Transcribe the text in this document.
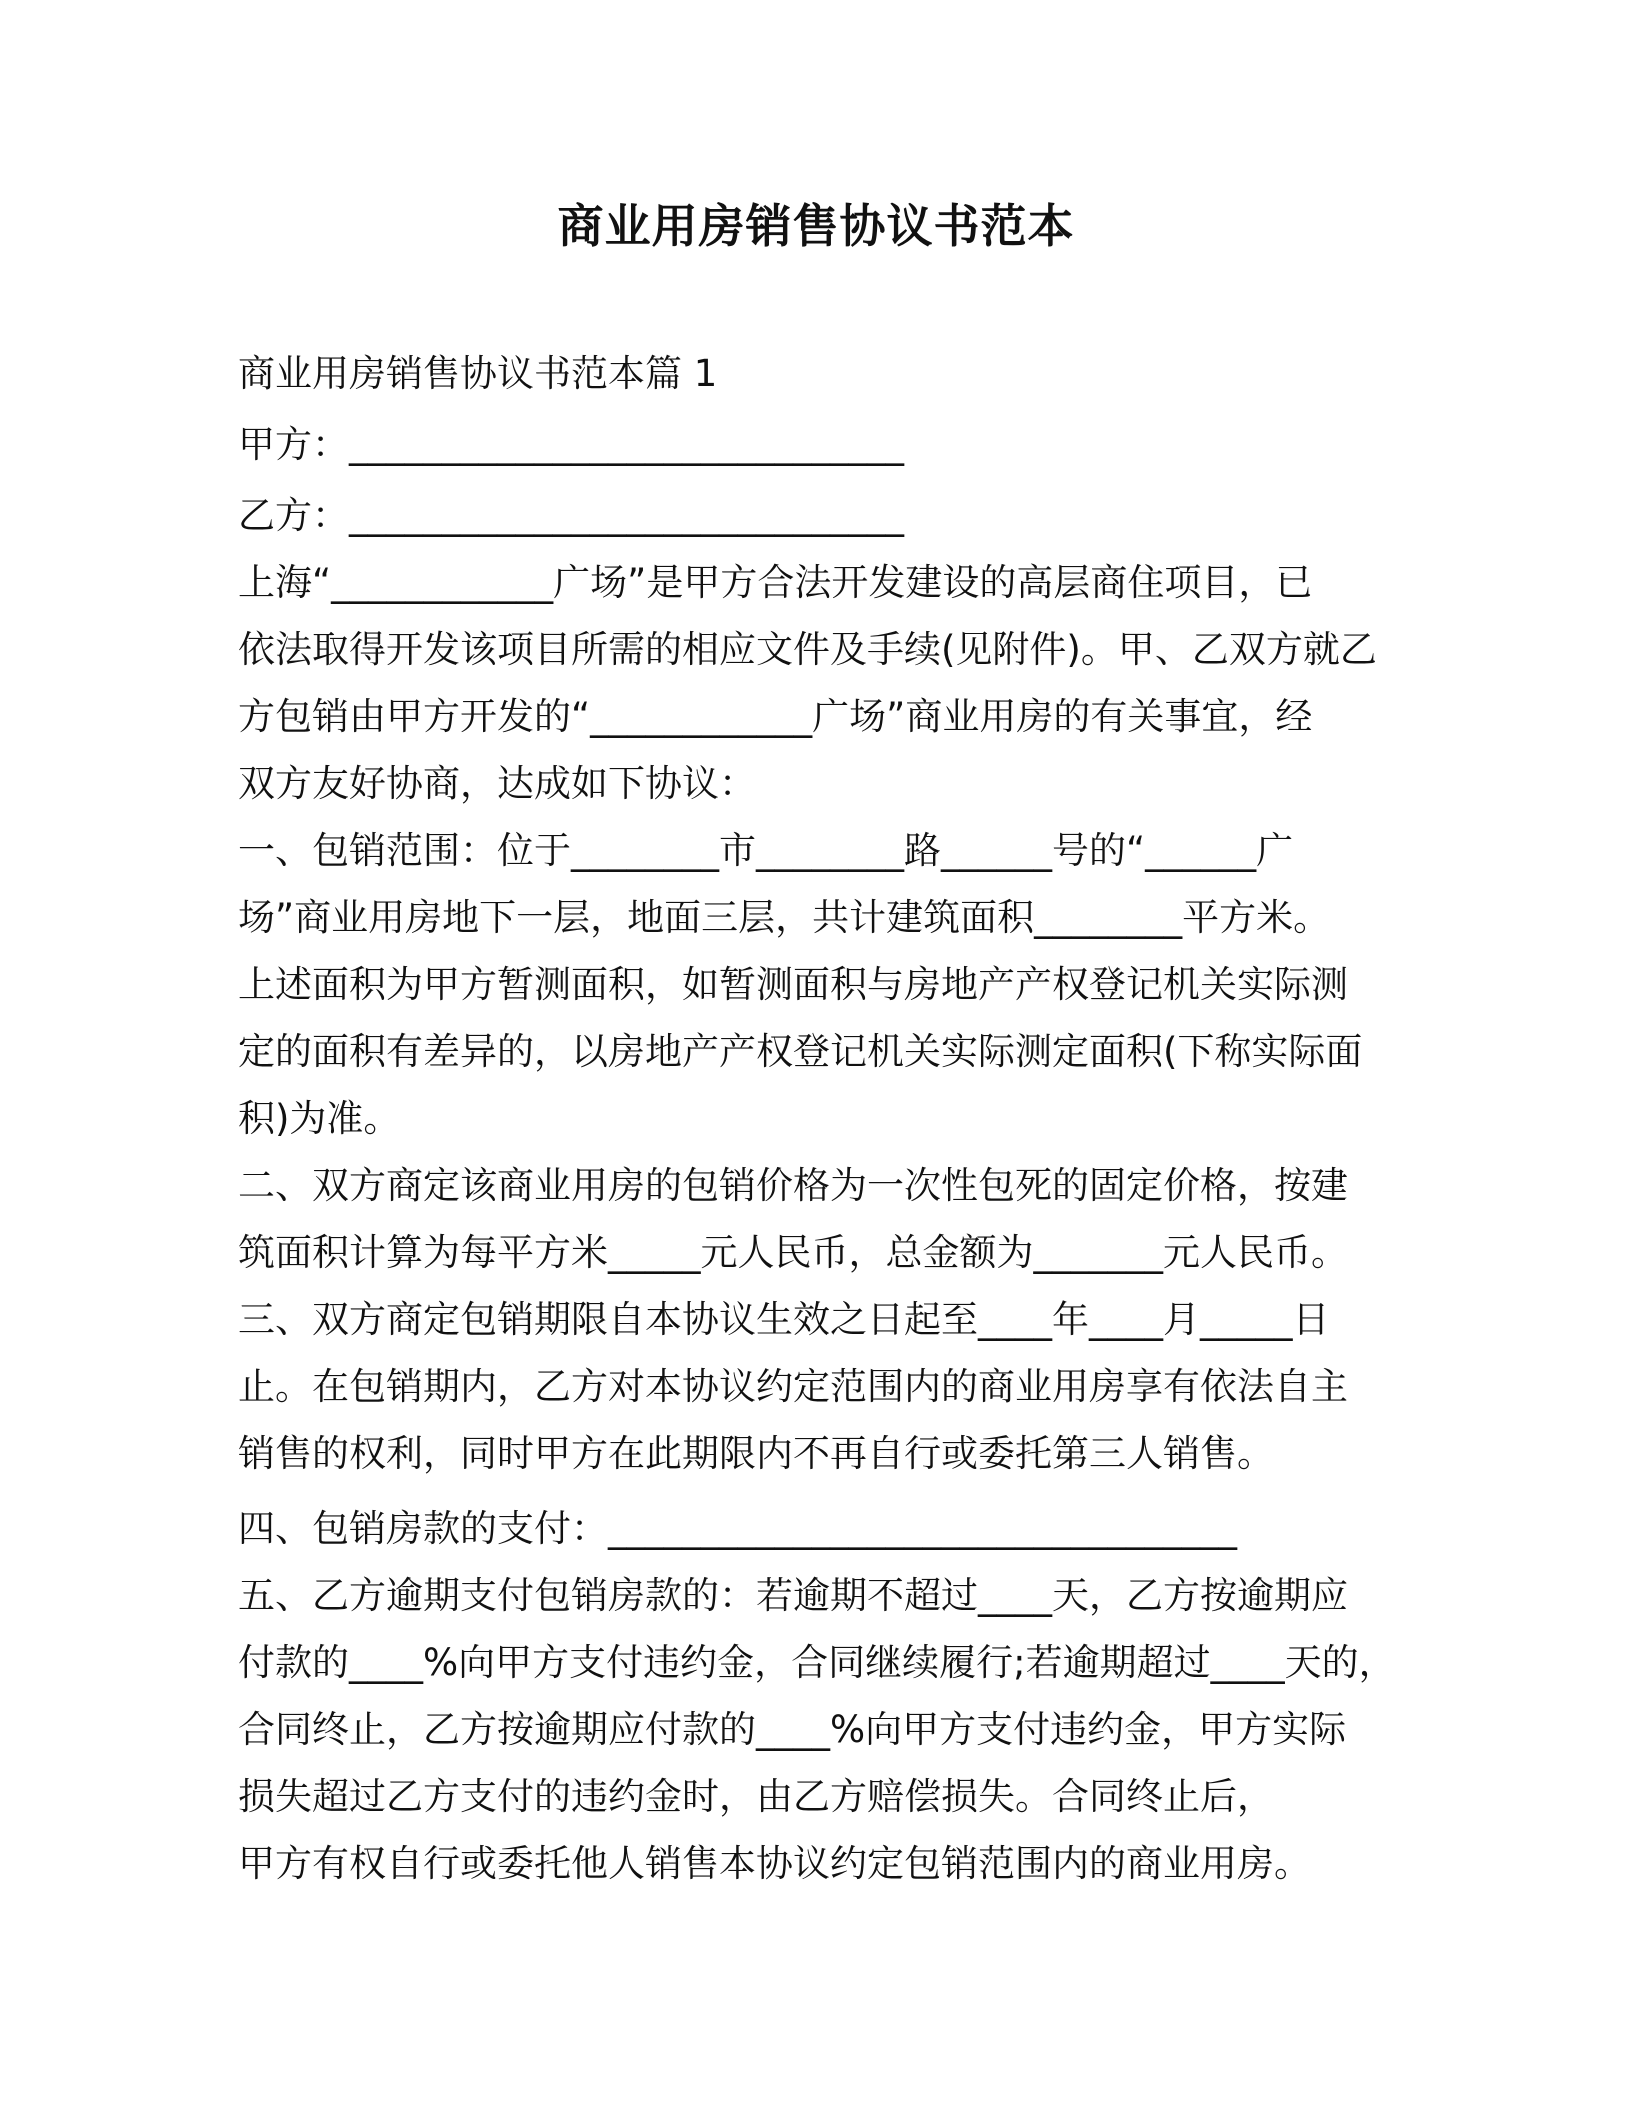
商业用房销售协议书范本
商业用房销售协议书范本篇 1
甲方：______________________________
乙方：______________________________
上海“____________广场”是甲方合法开发建设的高层商住项目，已
依法取得开发该项目所需的相应文件及手续(见附件)。甲、乙双方就乙
方包销由甲方开发的“____________广场”商业用房的有关事宜，经
双方友好协商，达成如下协议：
一、包销范围：位于________市________路______号的“______广
场”商业用房地下一层，地面三层，共计建筑面积________平方米。
上述面积为甲方暂测面积，如暂测面积与房地产产权登记机关实际测
定的面积有差异的，以房地产产权登记机关实际测定面积(下称实际面
积)为准。
二、双方商定该商业用房的包销价格为一次性包死的固定价格，按建
筑面积计算为每平方米_____元人民币，总金额为_______元人民币。
三、双方商定包销期限自本协议生效之日起至____年____月_____日
止。在包销期内，乙方对本协议约定范围内的商业用房享有依法自主
销售的权利，同时甲方在此期限内不再自行或委托第三人销售。
四、包销房款的支付：__________________________________
五、乙方逾期支付包销房款的：若逾期不超过____天，乙方按逾期应
付款的____%向甲方支付违约金，合同继续履行;若逾期超过____天的，
合同终止，乙方按逾期应付款的____%向甲方支付违约金，甲方实际
损失超过乙方支付的违约金时，由乙方赔偿损失。合同终止后，
甲方有权自行或委托他人销售本协议约定包销范围内的商业用房。
